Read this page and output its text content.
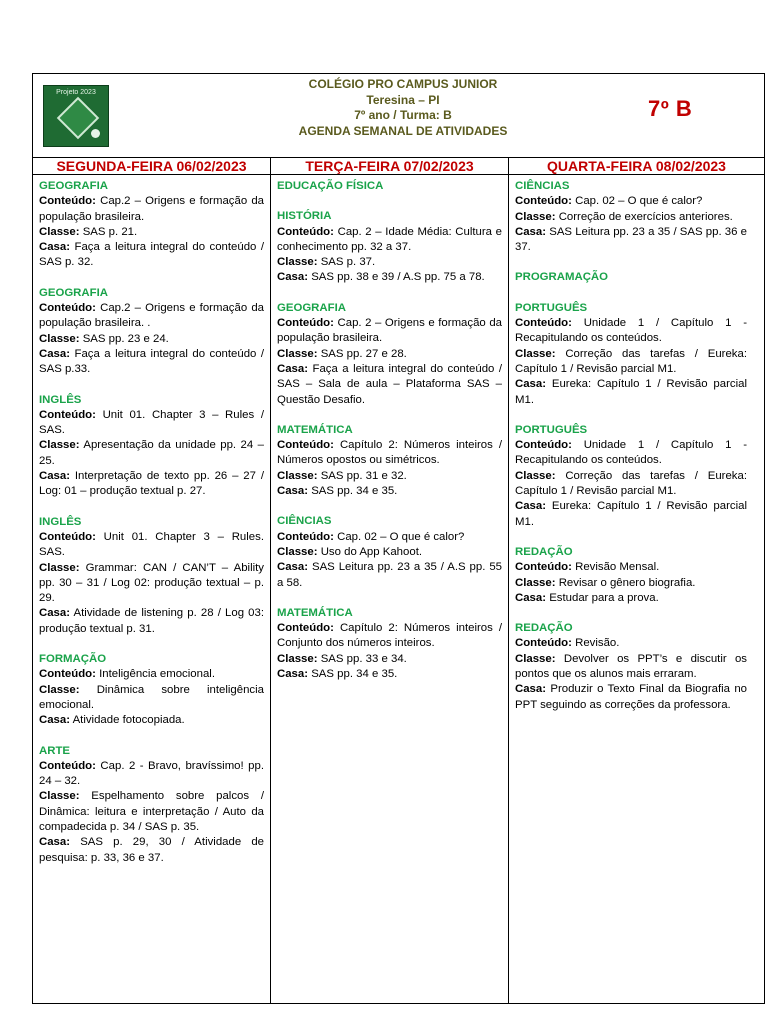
Projeto 2023
COLÉGIO PRO CAMPUS JUNIOR
Teresina – PI
7º ano / Turma: B
AGENDA SEMANAL DE ATIVIDADES
7º B
SEGUNDA-FEIRA 06/02/2023	TERÇA-FEIRA 07/02/2023	QUARTA-FEIRA 08/02/2023
GEOGRAFIA
Conteúdo: Cap.2 – Origens e formação da população brasileira.
Classe: SAS p. 21.
Casa: Faça a leitura integral do conteúdo / SAS p. 32.
GEOGRAFIA
Conteúdo: Cap.2 – Origens e formação da população brasileira. .
Classe: SAS pp. 23 e 24.
Casa: Faça a leitura integral do conteúdo / SAS p.33.
INGLÊS
Conteúdo: Unit 01. Chapter 3 – Rules / SAS.
Classe: Apresentação da unidade pp. 24 – 25.
Casa: Interpretação de texto pp. 26 – 27 / Log: 01 – produção textual p. 27.
INGLÊS
Conteúdo: Unit 01. Chapter 3 – Rules. SAS.
Classe: Grammar: CAN / CAN’T – Ability pp. 30 – 31 / Log 02: produção textual – p. 29.
Casa: Atividade de listening p. 28 / Log 03: produção textual p. 31.
FORMAÇÃO
Conteúdo: Inteligência emocional.
Classe: Dinâmica sobre inteligência emocional.
Casa: Atividade fotocopiada.
ARTE
Conteúdo: Cap. 2 - Bravo, bravíssimo! pp. 24 – 32.
Classe: Espelhamento sobre palcos / Dinâmica: leitura e interpretação / Auto da compadecida p. 34 / SAS p. 35.
Casa: SAS p. 29, 30 / Atividade de pesquisa: p. 33, 36 e 37.
EDUCAÇÃO FÍSICA
HISTÓRIA
Conteúdo: Cap. 2 – Idade Média: Cultura e conhecimento pp. 32 a 37.
Classe: SAS p. 37.
Casa: SAS pp. 38 e 39 / A.S pp. 75 a 78.
GEOGRAFIA
Conteúdo: Cap. 2 – Origens e formação da população brasileira.
Classe: SAS pp. 27 e 28.
Casa: Faça a leitura integral do conteúdo / SAS – Sala de aula – Plataforma SAS – Questão Desafio.
MATEMÁTICA
Conteúdo: Capítulo 2: Números inteiros / Números opostos ou simétricos.
Classe: SAS pp. 31 e 32.
Casa: SAS pp. 34 e 35.
CIÊNCIAS
Conteúdo: Cap. 02 – O que é calor?
Classe: Uso do App Kahoot.
Casa: SAS Leitura pp. 23 a 35 / A.S pp. 55 a 58.
MATEMÁTICA
Conteúdo: Capítulo 2: Números inteiros / Conjunto dos números inteiros.
Classe: SAS pp. 33 e 34.
Casa: SAS pp. 34 e 35.
CIÊNCIAS
Conteúdo: Cap. 02 – O que é calor?
Classe: Correção de exercícios anteriores.
Casa: SAS Leitura pp. 23 a 35 / SAS pp. 36 e 37.
PROGRAMAÇÃO
PORTUGUÊS
Conteúdo: Unidade 1 / Capítulo 1 - Recapitulando os conteúdos.
Classe: Correção das tarefas / Eureka: Capítulo 1 / Revisão parcial M1.
Casa: Eureka: Capítulo 1 / Revisão parcial M1.
PORTUGUÊS
Conteúdo: Unidade 1 / Capítulo 1 - Recapitulando os conteúdos.
Classe: Correção das tarefas / Eureka: Capítulo 1 / Revisão parcial M1.
Casa: Eureka: Capítulo 1 / Revisão parcial M1.
REDAÇÃO
Conteúdo: Revisão Mensal.
Classe: Revisar o gênero biografia.
Casa: Estudar para a prova.
REDAÇÃO
Conteúdo: Revisão.
Classe: Devolver os PPT’s e discutir os pontos que os alunos mais erraram.
Casa: Produzir o Texto Final da Biografia no PPT seguindo as correções da professora.
